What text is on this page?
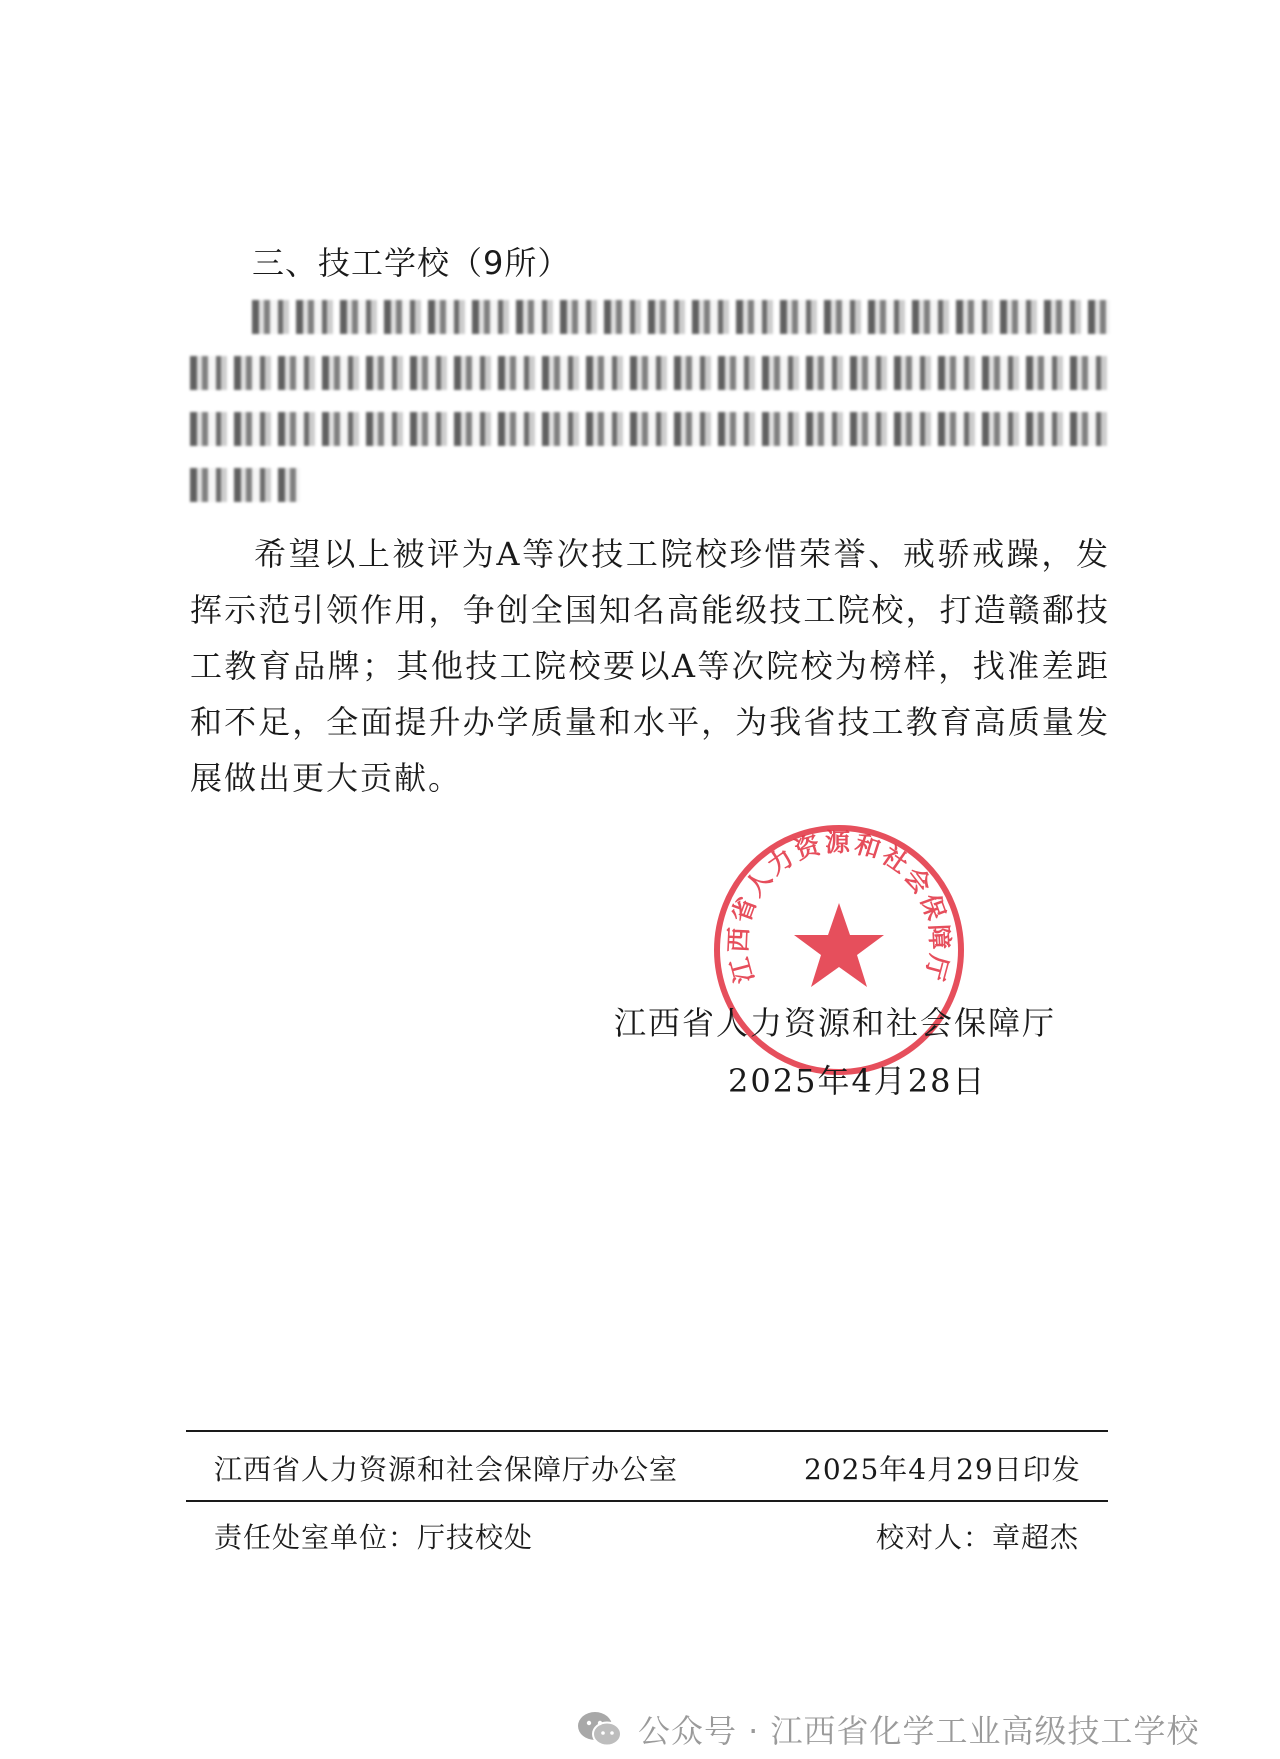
三、技工学校（9所）

希望以上被评为A等次技工院校珍惜荣誉、戒骄戒躁，发挥示范引领作用，争创全国知名高能级技工院校，打造赣鄱技工教育品牌；其他技工院校要以A等次院校为榜样，找准差距和不足，全面提升办学质量和水平，为我省技工教育高质量发展做出更大贡献。

江西省人力资源和社会保障厅
江西省人力资源和社会保障厅
2025年4月28日
江西省人力资源和社会保障厅办公室	2025年4月29日印发
责任处室单位：厅技校处	校对人：章超杰
公众号 · 江西省化学工业高级技工学校
